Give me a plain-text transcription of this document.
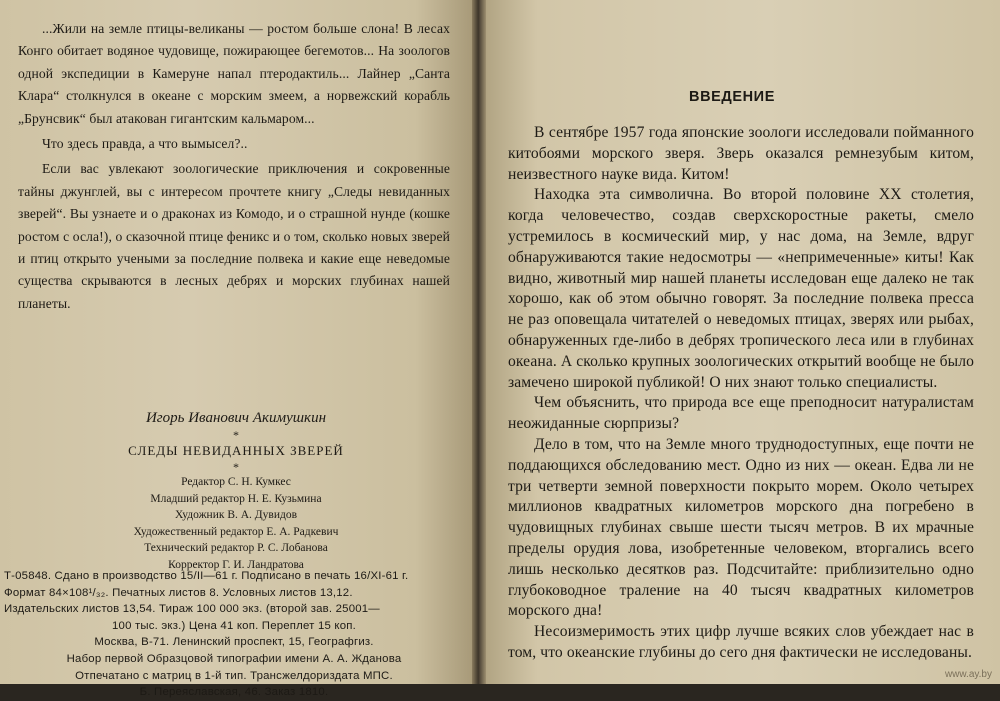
...Жили на земле птицы-великаны — ростом больше слона! В лесах Конго обитает водяное чудовище, пожирающее бегемотов... На зоологов одной экспедиции в Камеруне напал птеродактиль... Лайнер „Санта Клара“ столкнулся в океане с морским змеем, а норвежский корабль „Брунсвик“ был атакован гигантским кальмаром...

Что здесь правда, а что вымысел?..

Если вас увлекают зоологические приключения и сокровенные тайны джунглей, вы с интересом прочтете книгу „Следы невиданных зверей“. Вы узнаете и о драконах из Комодо, и о страшной нунде (кошке ростом с осла!), о сказочной птице феникс и о том, сколько новых зверей и птиц открыто учеными за последние полвека и какие еще неведомые существа скрываются в лесных дебрях и морских глубинах нашей планеты.

Игорь Иванович Акимушкин
*
СЛЕДЫ НЕВИДАННЫХ ЗВЕРЕЙ
*
Редактор С. Н. Кумкес
Младший редактор Н. Е. Кузьмина
Художник В. А. Дувидов
Художественный редактор Е. А. Радкевич
Технический редактор Р. С. Лобанова
Корректор Г. И. Ландратова
Т-05848. Сдано в производство 15/II—61 г. Подписано в печать 16/XI-61 г.
Формат 84×108¹/₃₂. Печатных листов 8. Условных листов 13,12.
Издательских листов 13,54. Тираж 100 000 экз. (второй зав. 25001—
100 тыс. экз.) Цена 41 коп. Переплет 15 коп.
Москва, В-71. Ленинский проспект, 15, Географгиз.
Набор первой Образцовой типографии имени А. А. Жданова
Отпечатано с матриц в 1-й тип. Трансжелдориздата МПС.
Б. Переяславская, 46. Заказ 1810.
ВВЕДЕНИЕ

В сентябре 1957 года японские зоологи исследовали пойманного китобоями морского зверя. Зверь оказался ремнезубым китом, неизвестного науке вида. Китом!

Находка эта символична. Во второй половине XX столетия, когда человечество, создав сверхскоростные ракеты, смело устремилось в космический мир, у нас дома, на Земле, вдруг обнаруживаются такие недосмотры — «непримеченные» киты! Как видно, животный мир нашей планеты исследован еще далеко не так хорошо, как об этом обычно говорят. За последние полвека пресса не раз оповещала читателей о неведомых птицах, зверях или рыбах, обнаруженных где-либо в дебрях тропического леса или в глубинах океана. А сколько крупных зоологических открытий вообще не было замечено широкой публикой! О них знают только специалисты.

Чем объяснить, что природа все еще преподносит натуралистам неожиданные сюрпризы?

Дело в том, что на Земле много труднодоступных, еще почти не поддающихся обследованию мест. Одно из них — океан. Едва ли не три четверти земной поверхности покрыто морем. Около четырех миллионов квадратных километров морского дна погребено в чудовищных глубинах свыше шести тысяч метров. В их мрачные пределы орудия лова, изобретенные человеком, вторгались всего лишь несколько десятков раз. Подсчитайте: приблизительно одно глубоководное траление на 40 тысяч квадратных километров морского дна!

Несоизмеримость этих цифр лучше всяких слов убеждает нас в том, что океанские глубины до сего дня фактически не исследованы.

www.ay.by
